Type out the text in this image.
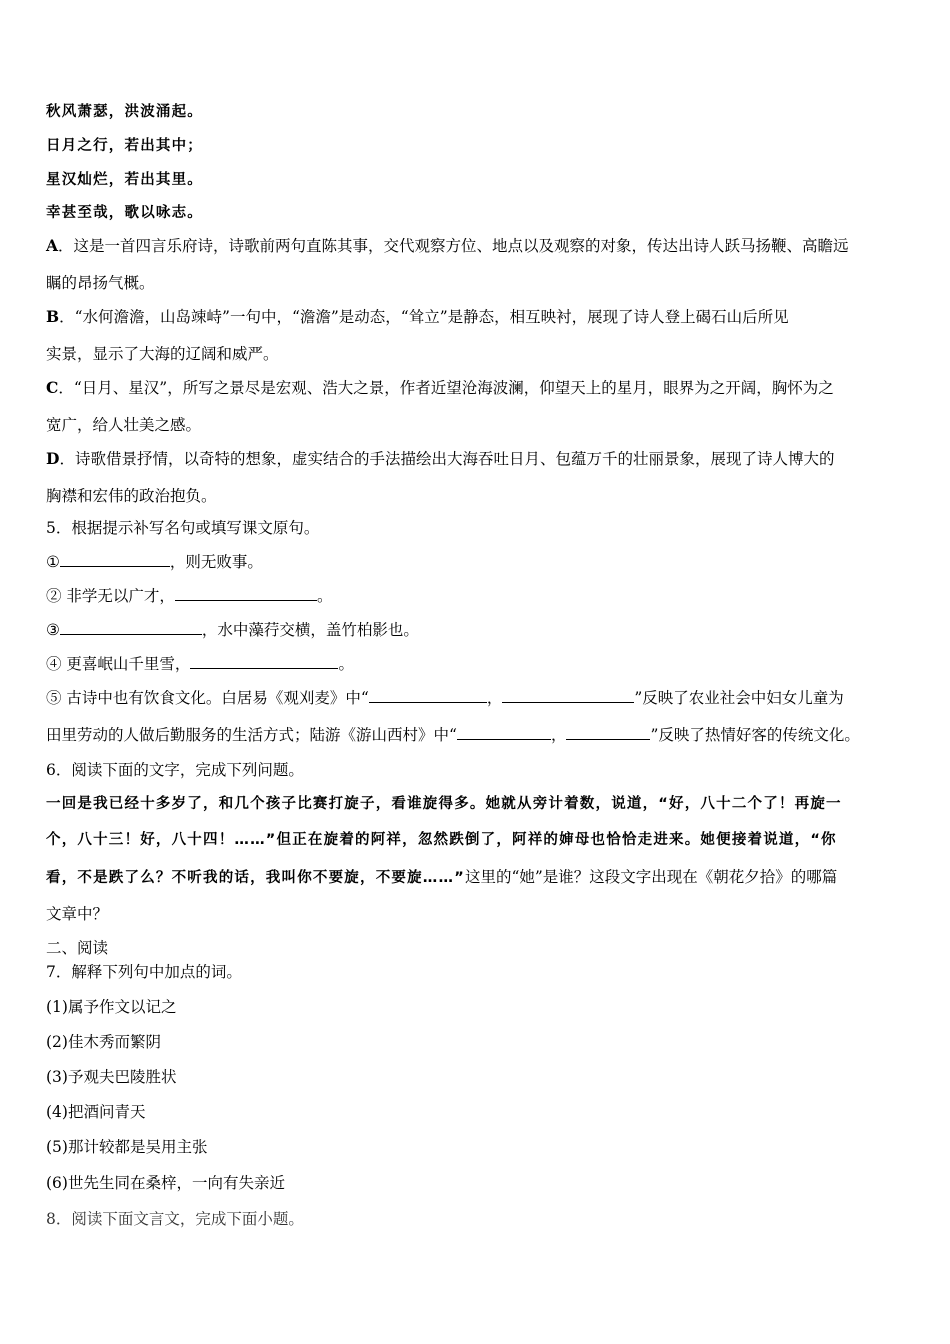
秋风萧瑟，洪波涌起。
日月之行，若出其中；
星汉灿烂，若出其里。
幸甚至哉，歌以咏志。
A．这是一首四言乐府诗，诗歌前两句直陈其事，交代观察方位、地点以及观察的对象，传达出诗人跃马扬鞭、高瞻远
瞩的昂扬气概。
B．“水何澹澹，山岛竦峙”一句中，“澹澹”是动态，“耸立”是静态，相互映衬，展现了诗人登上碣石山后所见
实景，显示了大海的辽阔和威严。
C．“日月、星汉”，所写之景尽是宏观、浩大之景，作者近望沧海波澜，仰望天上的星月，眼界为之开阔，胸怀为之
宽广，给人壮美之感。
D．诗歌借景抒情，以奇特的想象，虚实结合的手法描绘出大海吞吐日月、包蕴万千的壮丽景象，展现了诗人博大的
胸襟和宏伟的政治抱负。
5．根据提示补写名句或填写课文原句。
①	，则无败事。
② 非学无以广才，	。
③	，水中藻荇交横，盖竹柏影也。
④ 更喜岷山千里雪，	。
⑤ 古诗中也有饮食文化。白居易《观刈麦》中“	，	”反映了农业社会中妇女儿童为
田里劳动的人做后勤服务的生活方式；陆游《游山西村》中“	，	”反映了热情好客的传统文化。
6．阅读下面的文字，完成下列问题。
一回是我已经十多岁了，和几个孩子比赛打旋子，看谁旋得多。她就从旁计着数，说道，“好，八十二个了！再旋一
个，八十三！好，八十四！……”但正在旋着的阿祥，忽然跌倒了，阿祥的婶母也恰恰走进来。她便接着说道，“你
看，不是跌了么？不听我的话，我叫你不要旋，不要旋……”这里的“她”是谁？这段文字出现在《朝花夕拾》的哪篇
文章中？
二、阅读
7．解释下列句中加点的词。
(1)属予作文以记之
(2)佳木秀而繁阴
(3)予观夫巴陵胜状
(4)把酒问青天
(5)那计较都是吴用主张
(6)世先生同在桑梓，一向有失亲近
8．阅读下面文言文，完成下面小题。
